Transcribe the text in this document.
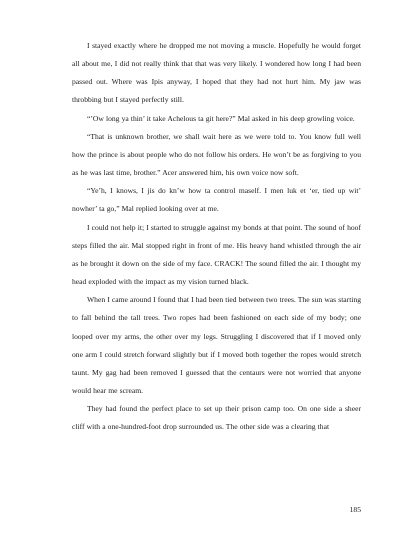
I stayed exactly where he dropped me not moving a muscle. Hopefully he would forget all about me, I did not really think that that was very likely. I wondered how long I had been passed out. Where was Ipis anyway, I hoped that they had not hurt him. My jaw was throbbing but I stayed perfectly still.

“’Ow long ya thin’ it take Achelous ta git here?” Mal asked in his deep growling voice.

“That is unknown brother, we shall wait here as we were told to. You know full well how the prince is about people who do not follow his orders. He won’t be as forgiving to you as he was last time, brother.” Acer answered him, his own voice now soft.

“Ye’h, I knows, I jis do kn’w how ta control maself. I men luk et ‘er, tied up wit’ nowher’ ta go,” Mal replied looking over at me.

I could not help it; I started to struggle against my bonds at that point. The sound of hoof steps filled the air. Mal stopped right in front of me. His heavy hand whistled through the air as he brought it down on the side of my face. CRACK! The sound filled the air. I thought my head exploded with the impact as my vision turned black.

When I came around I found that I had been tied between two trees. The sun was starting to fall behind the tall trees. Two ropes had been fashioned on each side of my body; one looped over my arms, the other over my legs. Struggling I discovered that if I moved only one arm I could stretch forward slightly but if I moved both together the ropes would stretch taunt. My gag had been removed I guessed that the centaurs were not worried that anyone would hear me scream.

They had found the perfect place to set up their prison camp too. On one side a sheer cliff with a one-hundred-foot drop surrounded us. The other side was a clearing that

185
